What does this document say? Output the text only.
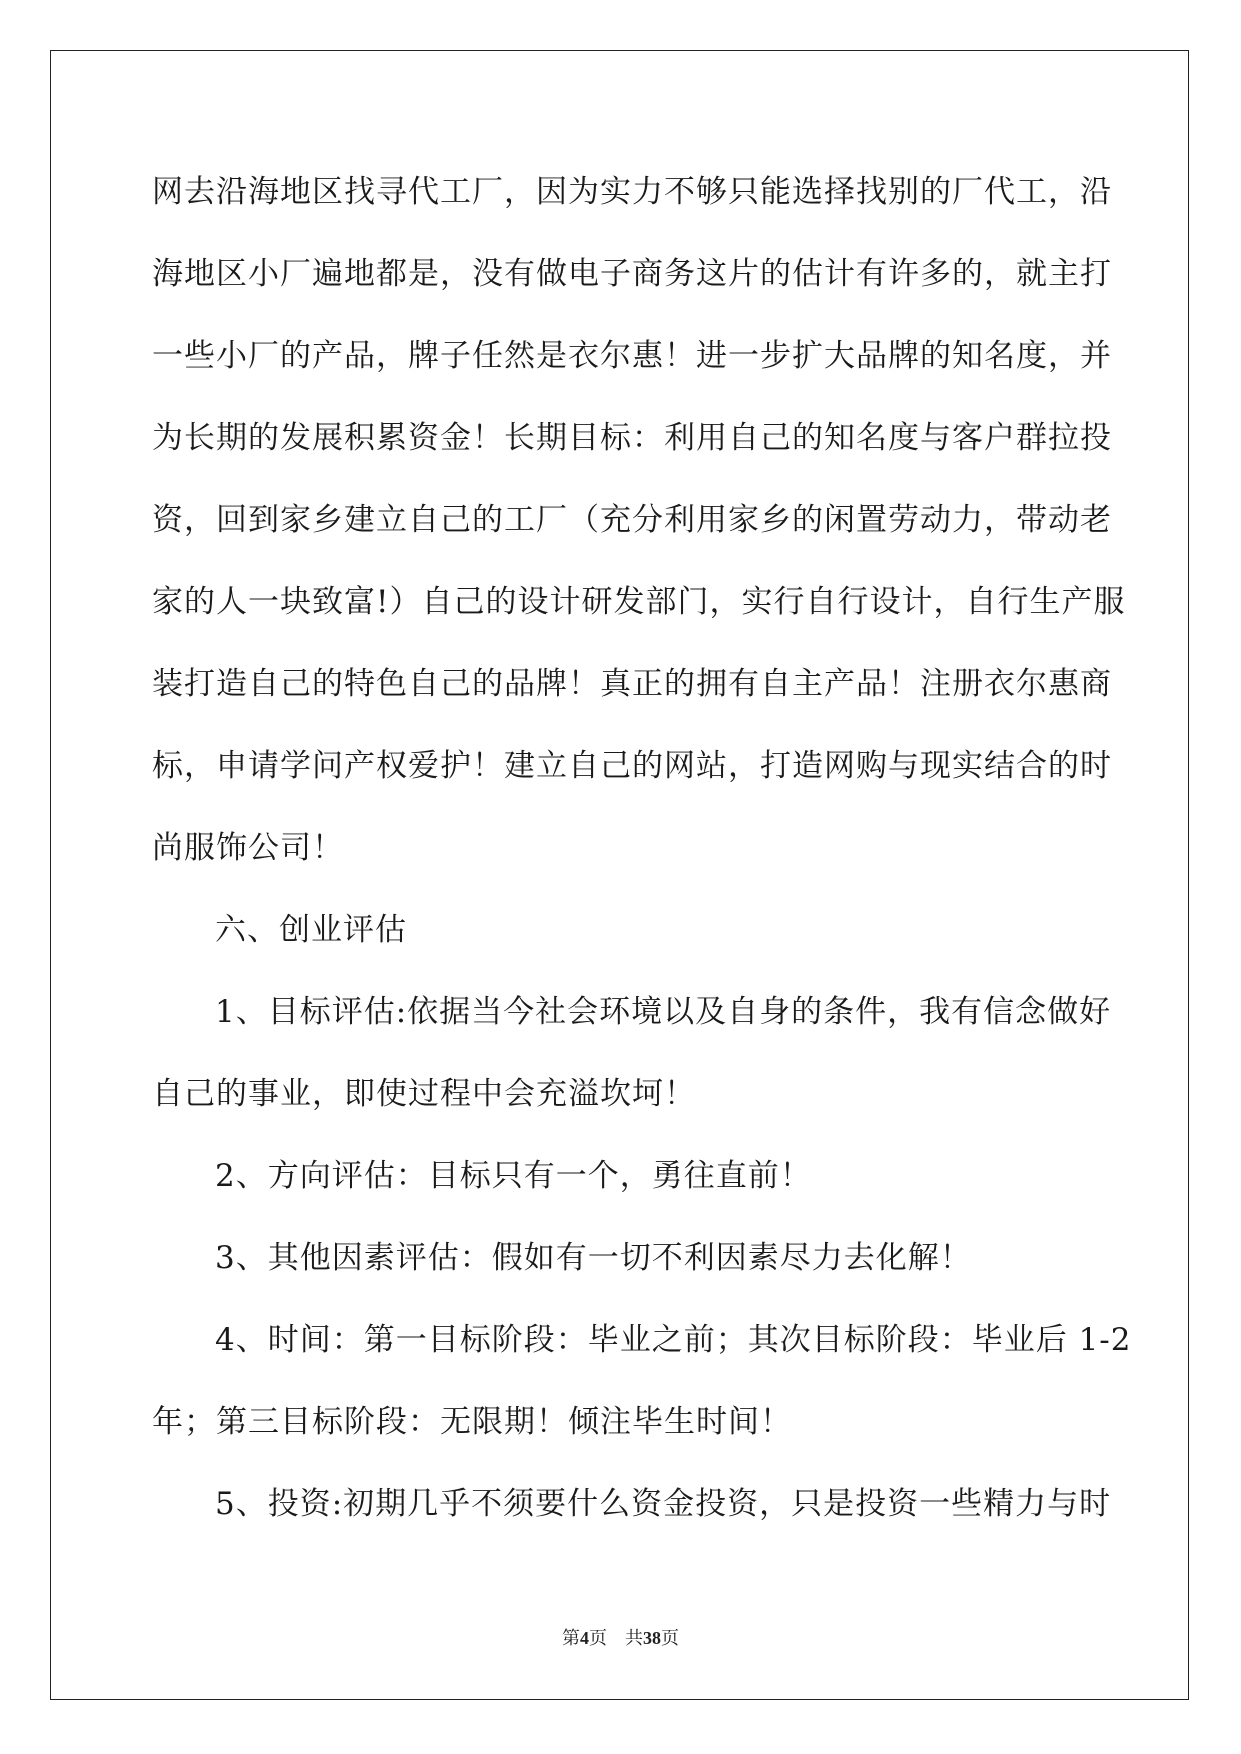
网去沿海地区找寻代工厂，因为实力不够只能选择找别的厂代工，沿
海地区小厂遍地都是，没有做电子商务这片的估计有许多的，就主打
一些小厂的产品，牌子任然是衣尔惠！进一步扩大品牌的知名度，并
为长期的发展积累资金！长期目标：利用自己的知名度与客户群拉投
资，回到家乡建立自己的工厂（充分利用家乡的闲置劳动力，带动老
家的人一块致富!）自己的设计研发部门，实行自行设计，自行生产服
装打造自己的特色自己的品牌！真正的拥有自主产品！注册衣尔惠商
标，申请学问产权爱护！建立自己的网站，打造网购与现实结合的时
尚服饰公司！
六、创业评估
1、目标评估:依据当今社会环境以及自身的条件，我有信念做好
自己的事业，即使过程中会充溢坎坷！
2、方向评估：目标只有一个，勇往直前！
3、其他因素评估：假如有一切不利因素尽力去化解！
4、时间：第一目标阶段：毕业之前；其次目标阶段：毕业后 1-2
年；第三目标阶段：无限期！倾注毕生时间！
5、投资:初期几乎不须要什么资金投资，只是投资一些精力与时
第4页 共38页
